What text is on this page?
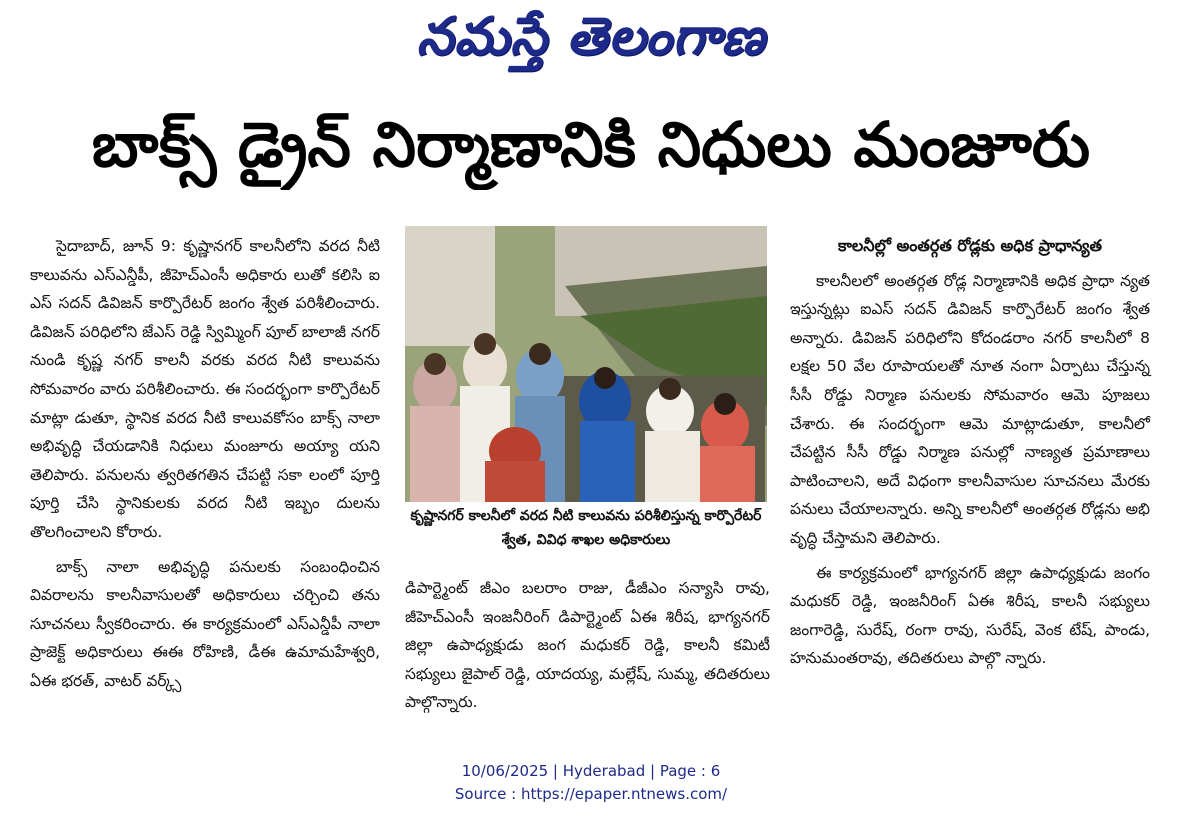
నమస్తే తెలంగాణ
బాక్స్ డ్రైన్ నిర్మాణానికి నిధులు మంజూరు

సైదాబాద్, జూన్ 9: కృష్ణానగర్ కాలనీలోని వరద నీటి కాలువను ఎస్ఎన్డీపీ, జీహెచ్ఎంసీ అధికారు లుతో కలిసి ఐ ఎస్ సదన్ డివిజన్ కార్పొరేటర్ జంగం శ్వేత పరిశీలించారు. డివిజన్ పరిధిలోని జేఎస్ రెడ్డి స్విమ్మింగ్ పూల్ బాలాజీ నగర్ నుండి కృష్ణ నగర్ కాలనీ వరకు వరద నీటి కాలువను సోమవారం వారు పరిశీలించారు. ఈ సందర్భంగా కార్పొరేటర్ మాట్లా డుతూ, స్థానిక వరద నీటి కాలువకోసం బాక్స్ నాలా అభివృద్ధి చేయడానికి నిధులు మంజూరు అయ్యా యని తెలిపారు. పనులను త్వరితగతిన చేపట్టి సకా లంలో పూర్తి పూర్తి చేసి స్థానికులకు వరద నీటి ఇబ్బం దులను తొలగించాలని కోరారు.

బాక్స్ నాలా అభివృద్ధి పనులకు సంబంధించిన వివరాలను కాలనీవాసులతో అధికారులు చర్చించి తను సూచనలు స్వీకరించారు. ఈ కార్యక్రమంలో ఎస్ఎన్డీపీ నాలా ప్రాజెక్ట్ అధికారులు ఈఈ రోహిణి, డీఈ ఉమామహేశ్వరి, ఏఈ భరత్, వాటర్ వర్క్స్

కృష్ణానగర్ కాలనీలో వరద నీటి కాలువను పరిశీలిస్తున్న కార్పొరేటర్ శ్వేత, వివిధ శాఖల అధికారులు

డిపార్ట్మెంట్ జీఎం బలరాం రాజు, డీజీఎం సన్యాసి రావు, జీహెచ్ఎంసీ ఇంజనీరింగ్ డిపార్ట్మెంట్ ఏఈ శిరీష, భాగ్యనగర్ జిల్లా ఉపాధ్యక్షుడు జంగ మధుకర్ రెడ్డి, కాలనీ కమిటీ సభ్యులు జైపాల్ రెడ్డి, యాదయ్య, మల్లేష్, సుమ్మ, తదితరులు పాల్గొన్నారు.

కాలనీల్లో అంతర్గత రోడ్లకు అధిక ప్రాధాన్యత

కాలనీలలో అంతర్గత రోడ్ల నిర్మాణానికి అధిక ప్రాధా న్యత ఇస్తున్నట్లు ఐఎస్ సదన్ డివిజన్ కార్పొరేటర్ జంగం శ్వేత అన్నారు. డివిజన్ పరిధిలోని కోదండరాం నగర్ కాలనీలో 8 లక్షల 50 వేల రూపాయలతో నూత నంగా ఏర్పాటు చేస్తున్న సీసీ రోడ్డు నిర్మాణ పనులకు సోమవారం ఆమె పూజలు చేశారు. ఈ సందర్భంగా ఆమె మాట్లాడుతూ, కాలనీలో చేపట్టిన సీసీ రోడ్డు నిర్మాణ పనుల్లో నాణ్యత ప్రమాణాలు పాటించాలని, అదే విధంగా కాలనీవాసుల సూచనలు మేరకు పనులు చేయాలన్నారు. అన్ని కాలనీలో అంతర్గత రోడ్లను అభి వృద్ధి చేస్తామని తెలిపారు.

ఈ కార్యక్రమంలో భాగ్యనగర్ జిల్లా ఉపాధ్యక్షుడు జంగం మధుకర్ రెడ్డి, ఇంజనీరింగ్ ఏఈ శిరీష, కాలనీ సభ్యులు జంగారెడ్డి, సురేష్, రంగా రావు, సురేష్, వెంక టేష్, పాండు, హనుమంతరావు, తదితరులు పాల్గొ న్నారు.

10/06/2025 | Hyderabad | Page : 6
Source : https://epaper.ntnews.com/
